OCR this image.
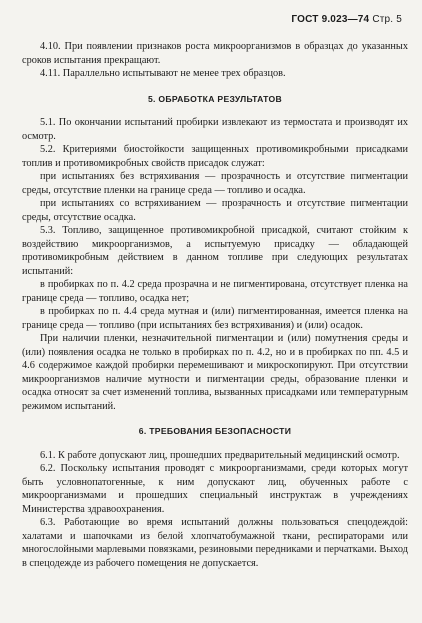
ГОСТ 9.023—74 Стр. 5

4.10. При появлении признаков роста микроорганизмов в образцах до указанных сроков испытания прекращают.

4.11. Параллельно испытывают не менее трех образцов.

5. ОБРАБОТКА РЕЗУЛЬТАТОВ

5.1. По окончании испытаний пробирки извлекают из термостата и производят их осмотр.

5.2. Критериями биостойкости защищенных противомикробными присадками топлив и противомикробных свойств присадок служат:

при испытаниях без встряхивания — прозрачность и отсутствие пигментации среды, отсутствие пленки на границе среда — топливо и осадка.

при испытаниях со встряхиванием — прозрачность и отсутствие пигментации среды, отсутствие осадка.

5.3. Топливо, защищенное противомикробной присадкой, считают стойким к воздействию микроорганизмов, а испытуемую присадку — обладающей противомикробным действием в данном топливе при следующих результатах испытаний:

в пробирках по п. 4.2 среда прозрачна и не пигментирована, отсутствует пленка на границе среда — топливо, осадка нет;

в пробирках по п. 4.4 среда мутная и (или) пигментированная, имеется пленка на границе среда — топливо (при испытаниях без встряхивания) и (или) осадок.

При наличии пленки, незначительной пигментации и (или) помутнения среды и (или) появления осадка не только в пробирках по п. 4.2, но и в пробирках по пп. 4.5 и 4.6 содержимое каждой пробирки перемешивают и микроскопируют. При отсутствии микроорганизмов наличие мутности и пигментации среды, образование пленки и осадка относят за счет изменений топлива, вызванных присадками или температурным режимом испытаний.

6. ТРЕБОВАНИЯ БЕЗОПАСНОСТИ

6.1. К работе допускают лиц, прошедших предварительный медицинский осмотр.

6.2. Поскольку испытания проводят с микроорганизмами, среди которых могут быть условнопатогенные, к ним допускают лиц, обученных работе с микроорганизмами и прошедших специальный инструктаж в учреждениях Министерства здравоохранения.

6.3. Работающие во время испытаний должны пользоваться спецодеждой: халатами и шапочками из белой хлопчатобумажной ткани, респираторами или многослойными марлевыми повязками, резиновыми передниками и перчатками. Выход в спецодежде из рабочего помещения не допускается.
